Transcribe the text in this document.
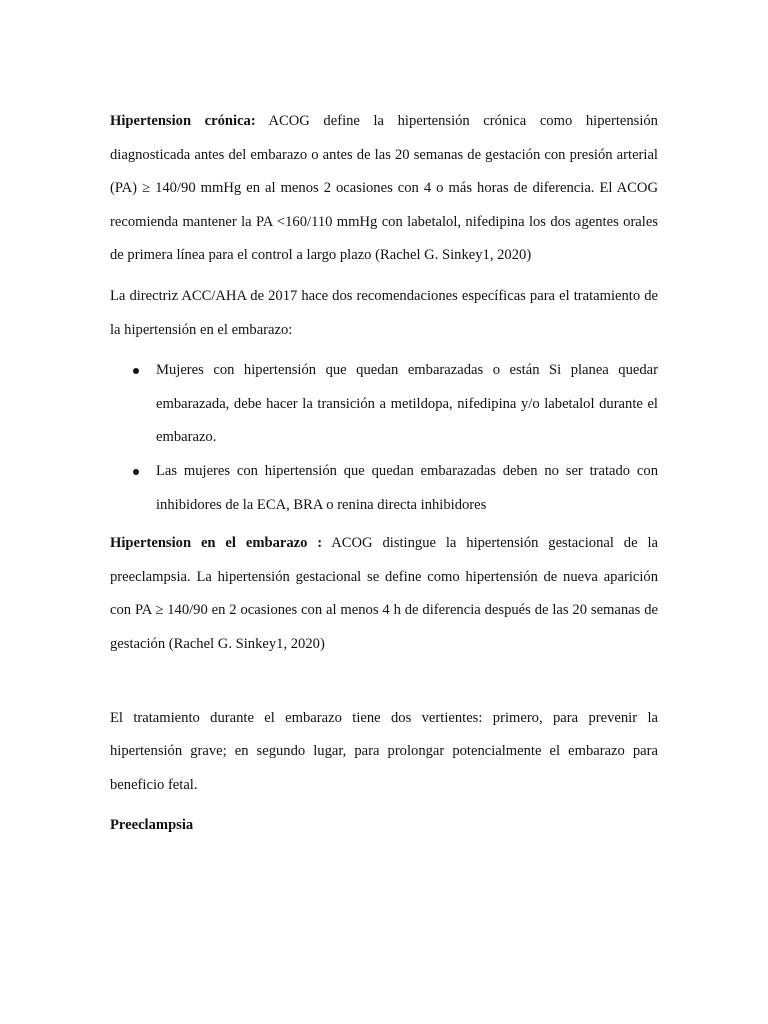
Hipertension crónica: ACOG define la hipertensión crónica como hipertensión diagnosticada antes del embarazo o antes de las 20 semanas de gestación con presión arterial (PA) ≥ 140/90 mmHg en al menos 2 ocasiones con 4 o más horas de diferencia. El ACOG recomienda mantener la PA <160/110 mmHg con labetalol, nifedipina los dos agentes orales de primera línea para el control a largo plazo (Rachel G. Sinkey1, 2020)

La directriz ACC/AHA de 2017 hace dos recomendaciones específicas para el tratamiento de la hipertensión en el embarazo:

Mujeres con hipertensión que quedan embarazadas o están Si planea quedar embarazada, debe hacer la transición a metildopa, nifedipina y/o labetalol durante el embarazo.
Las mujeres con hipertensión que quedan embarazadas deben no ser tratado con inhibidores de la ECA, BRA o renina directa inhibidores

Hipertension en el embarazo : ACOG distingue la hipertensión gestacional de la preeclampsia. La hipertensión gestacional se define como hipertensión de nueva aparición con PA ≥ 140/90 en 2 ocasiones con al menos 4 h de diferencia después de las 20 semanas de gestación (Rachel G. Sinkey1, 2020)

El tratamiento durante el embarazo tiene dos vertientes: primero, para prevenir la hipertensión grave; en segundo lugar, para prolongar potencialmente el embarazo para beneficio fetal.

Preeclampsia
